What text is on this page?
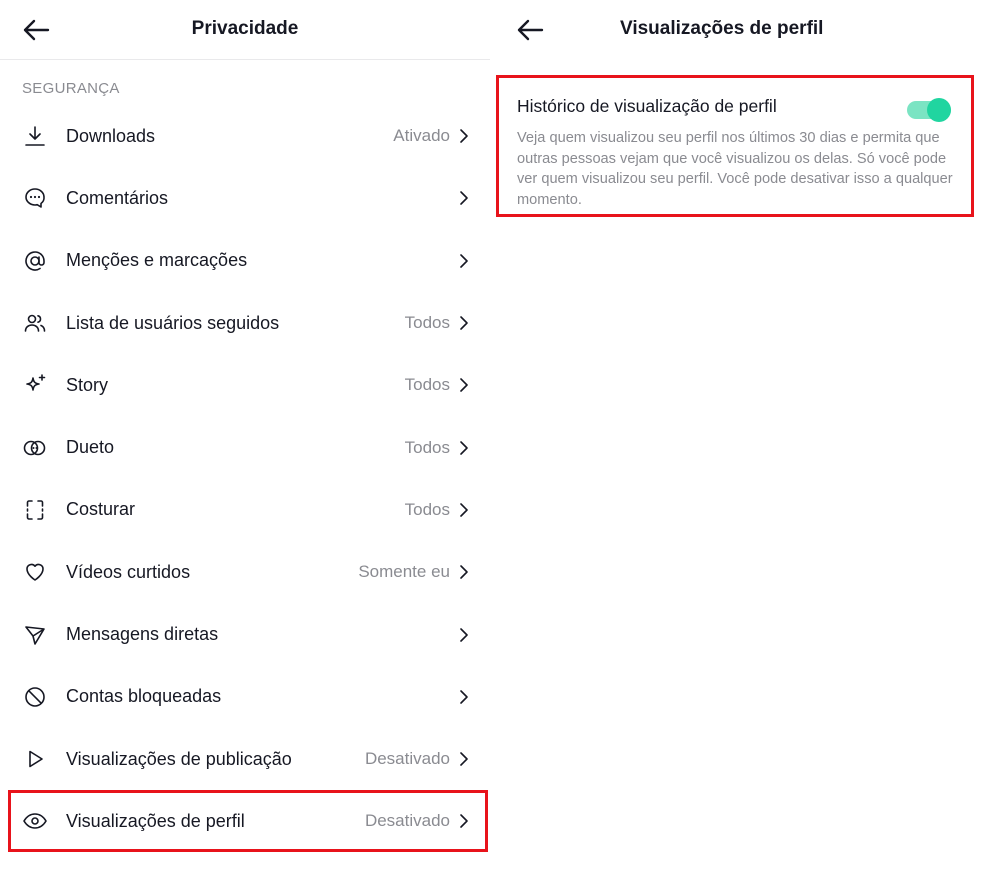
Privacidade
SEGURANÇA
Downloads	Ativado
Comentários
Menções e marcações
Lista de usuários seguidos	Todos
Story	Todos
Dueto	Todos
Costurar	Todos
Vídeos curtidos	Somente eu
Mensagens diretas
Contas bloqueadas
Visualizações de publicação	Desativado
Visualizações de perfil	Desativado
Visualizações de perfil
Histórico de visualização de perfil
Veja quem visualizou seu perfil nos últimos 30 dias e permita que outras pessoas vejam que você visualizou os delas. Só você pode ver quem visualizou seu perfil. Você pode desativar isso a qualquer momento.
